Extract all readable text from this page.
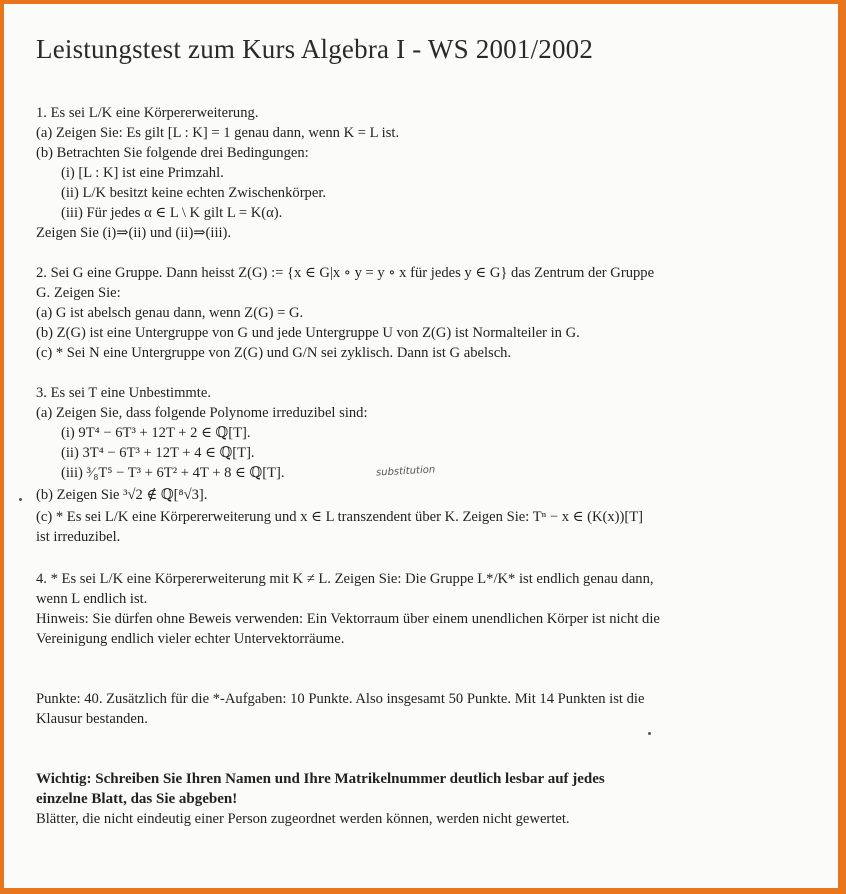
Leistungstest zum Kurs Algebra I - WS 2001/2002
1. Es sei L/K eine Körpererweiterung.
(a) Zeigen Sie: Es gilt [L : K] = 1 genau dann, wenn K = L ist.
(b) Betrachten Sie folgende drei Bedingungen:
(i) [L : K] ist eine Primzahl.
(ii) L/K besitzt keine echten Zwischenkörper.
(iii) Für jedes α ∈ L \ K gilt L = K(α).
Zeigen Sie (i)⇒(ii) und (ii)⇒(iii).
2. Sei G eine Gruppe. Dann heisst Z(G) := {x ∈ G|x ∘ y = y ∘ x für jedes y ∈ G} das Zentrum der Gruppe
G. Zeigen Sie:
(a) G ist abelsch genau dann, wenn Z(G) = G.
(b) Z(G) ist eine Untergruppe von G und jede Untergruppe U von Z(G) ist Normalteiler in G.
(c) * Sei N eine Untergruppe von Z(G) und G/N sei zyklisch. Dann ist G abelsch.
3. Es sei T eine Unbestimmte.
(a) Zeigen Sie, dass folgende Polynome irreduzibel sind:
(i) 9T⁴ − 6T³ + 12T + 2 ∈ ℚ[T].
(ii) 3T⁴ − 6T³ + 12T + 4 ∈ ℚ[T].
(iii) ³⁄₈T⁵ − T³ + 6T² + 4T + 8 ∈ ℚ[T].	substitution
(b) Zeigen Sie ³√2 ∉ ℚ[⁸√3].
(c) * Es sei L/K eine Körpererweiterung und x ∈ L transzendent über K. Zeigen Sie: Tⁿ − x ∈ (K(x))[T]
ist irreduzibel.
4. * Es sei L/K eine Körpererweiterung mit K ≠ L. Zeigen Sie: Die Gruppe L*/K* ist endlich genau dann,
wenn L endlich ist.
Hinweis: Sie dürfen ohne Beweis verwenden: Ein Vektorraum über einem unendlichen Körper ist nicht die
Vereinigung endlich vieler echter Untervektorräume.
Punkte: 40. Zusätzlich für die *-Aufgaben: 10 Punkte. Also insgesamt 50 Punkte. Mit 14 Punkten ist die
Klausur bestanden.
Wichtig: Schreiben Sie Ihren Namen und Ihre Matrikelnummer deutlich lesbar auf jedes
einzelne Blatt, das Sie abgeben!
Blätter, die nicht eindeutig einer Person zugeordnet werden können, werden nicht gewertet.
